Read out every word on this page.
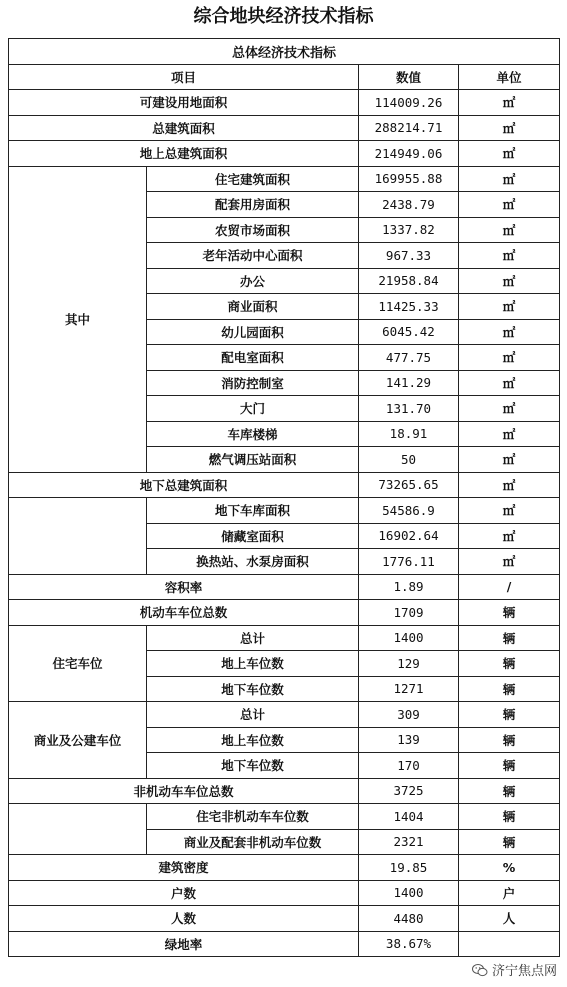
综合地块经济技术指标
总体经济技术指标			
项目		数值	单位
可建设用地面积		114009.26	㎡
总建筑面积		288214.71	㎡
地上总建筑面积		214949.06	㎡
其中	住宅建筑面积	169955.88	㎡
	配套用房面积	2438.79	㎡
	农贸市场面积	1337.82	㎡
	老年活动中心面积	967.33	㎡
	办公	21958.84	㎡
	商业面积	11425.33	㎡
	幼儿园面积	6045.42	㎡
	配电室面积	477.75	㎡
	消防控制室	141.29	㎡
	大门	131.70	㎡
	车库楼梯	18.91	㎡
	燃气调压站面积	50	㎡
地下总建筑面积		73265.65	㎡
	地下车库面积	54586.9	㎡
	储藏室面积	16902.64	㎡
	换热站、水泵房面积	1776.11	㎡
容积率		1.89	/
机动车车位总数		1709	辆
住宅车位	总计	1400	辆
	地上车位数	129	辆
	地下车位数	1271	辆
商业及公建车位	总计	309	辆
	地上车位数	139	辆
	地下车位数	170	辆
非机动车车位总数		3725	辆
	住宅非机动车车位数	1404	辆
	商业及配套非机动车位数	2321	辆
建筑密度		19.85	%
户数		1400	户
人数		4480	人
绿地率		38.67%	
济宁焦点网
